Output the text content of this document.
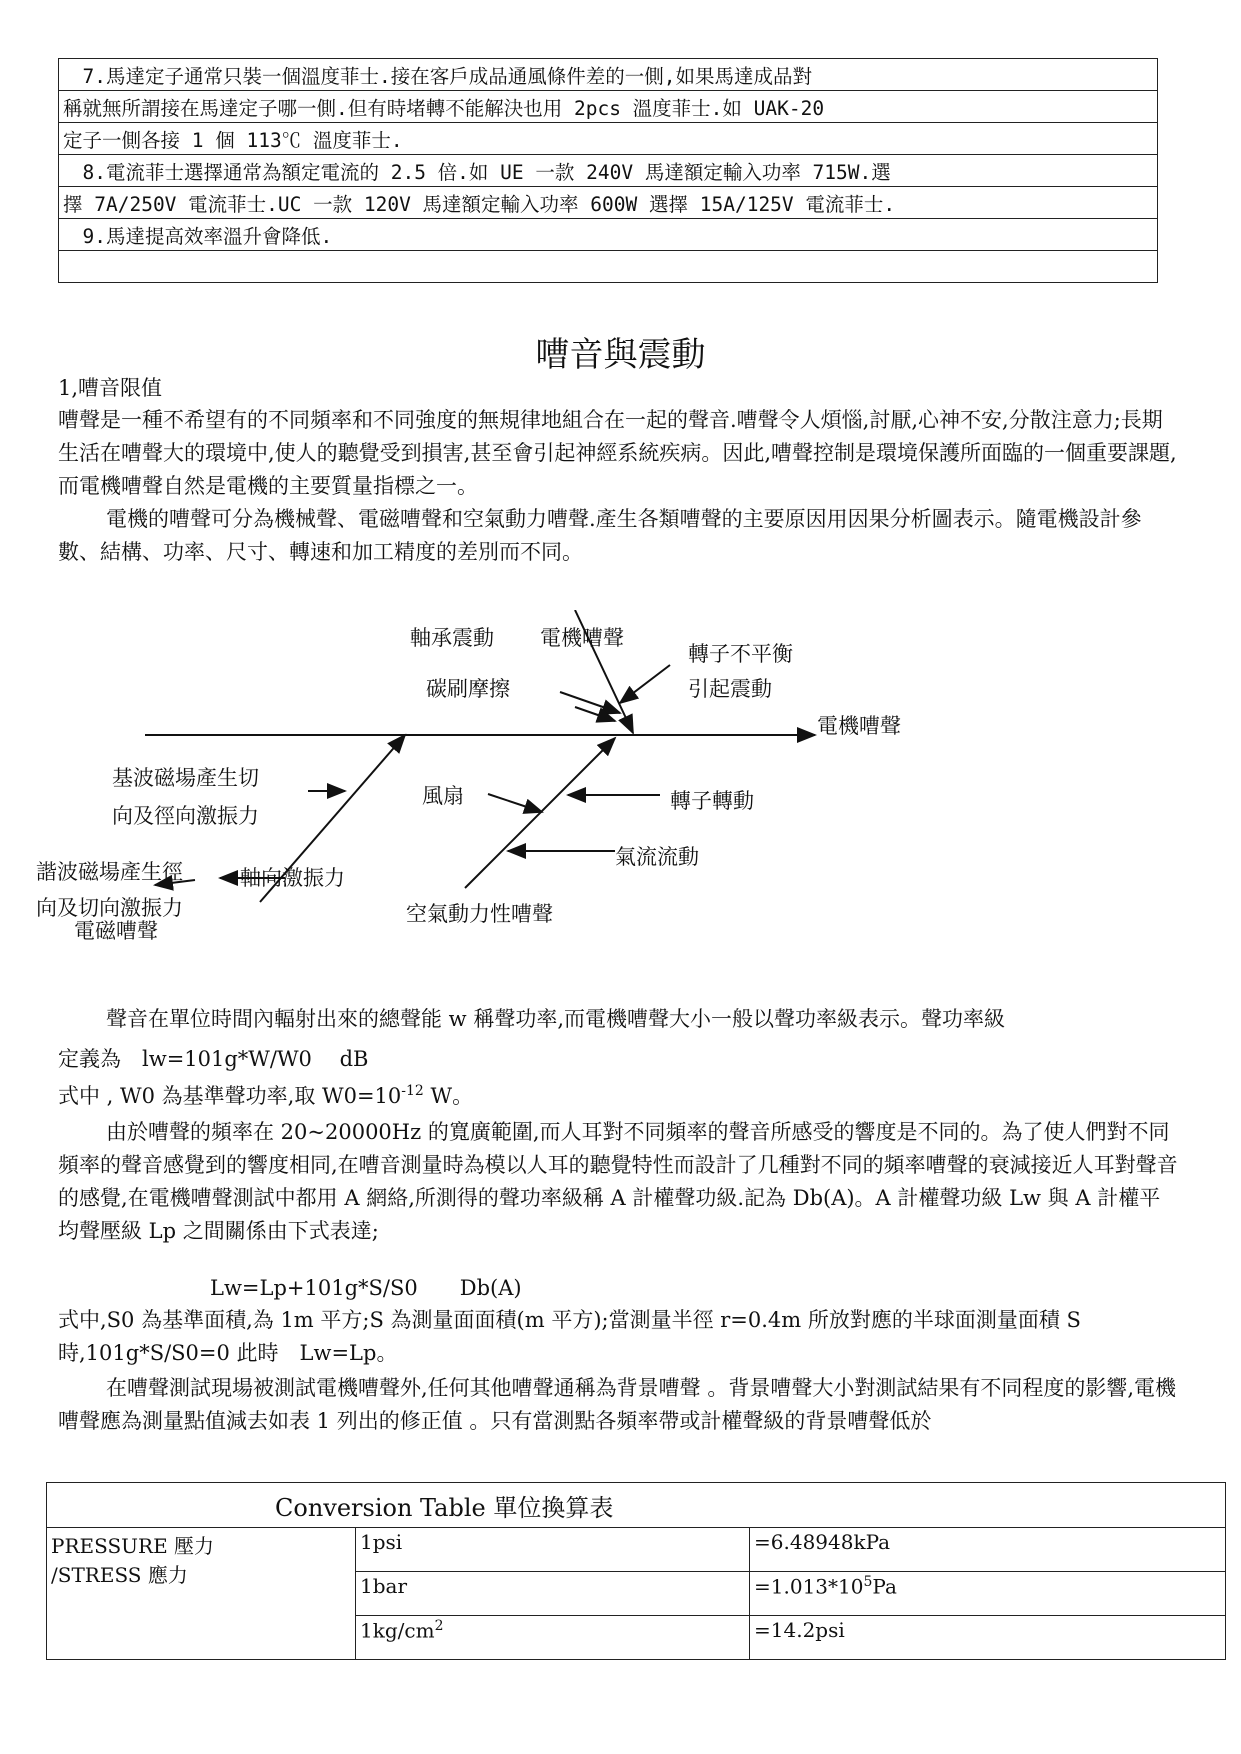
　7.馬達定子通常只裝一個溫度菲士.接在客戶成品通風條件差的一側,如果馬達成品對
稱就無所謂接在馬達定子哪一側.但有時堵轉不能解決也用 2pcs 溫度菲士.如 UAK-20
定子一側各接 1 個 113℃ 溫度菲士.
　8.電流菲士選擇通常為額定電流的 2.5 倍.如 UE 一款 240V 馬達額定輸入功率 715W.選
擇 7A/250V 電流菲士.UC 一款 120V 馬達額定輸入功率 600W 選擇 15A/125V 電流菲士.
　9.馬達提高效率溫升會降低.

嘈音與震動
1,嘈音限值

嘈聲是一種不希望有的不同頻率和不同強度的無規律地組合在一起的聲音.嘈聲令人煩惱,討厭,心神不安,分散注意力;長期生活在嘈聲大的環境中,使人的聽覺受到損害,甚至會引起神經系統疾病。因此,嘈聲控制是環境保護所面臨的一個重要課題,而電機嘈聲自然是電機的主要質量指標之一。

電機的嘈聲可分為機械聲、電磁嘈聲和空氣動力嘈聲.產生各類嘈聲的主要原因用因果分析圖表示。隨電機設計參數、結構、功率、尺寸、轉速和加工精度的差別而不同。

軸承震動 電機嘈聲
轉子不平衡
引起震動
碳刷摩擦
電機嘈聲
基波磁場產生切
向及徑向激振力
風扇	轉子轉動
氣流流動
諧波磁場產生徑
向及切向激振力
軸向激振力
電磁嘈聲
空氣動力性嘈聲

聲音在單位時間內輻射出來的總聲能 w 稱聲功率,而電機嘈聲大小一般以聲功率級表示。聲功率級

定義為　lw=101g*W/W0　 dB
式中 , W0 為基準聲功率,取 $W0=10^{-12}$ W。

由於嘈聲的頻率在 20~20000Hz 的寬廣範圍,而人耳對不同頻率的聲音所感受的響度是不同的。為了使人們對不同頻率的聲音感覺到的響度相同,在嘈音測量時為模以人耳的聽覺特性而設計了几種對不同的頻率嘈聲的衰減接近人耳對聲音的感覺,在電機嘈聲測試中都用 A 網絡,所測得的聲功率級稱 A 計權聲功級.記為 Db(A)。A 計權聲功級 Lw 與 A 計權平均聲壓級 Lp 之間關係由下式表達;

Lw=Lp+101g*S/S0　　Db(A)

式中,S0 為基準面積,為 1m 平方;S 為測量面面積(m 平方);當測量半徑 r=0.4m 所放對應的半球面測量面積 S 時,101g*S/S0=0 此時　Lw=Lp。

在嘈聲測試現場被測試電機嘈聲外,任何其他嘈聲通稱為背景嘈聲 。背景嘈聲大小對測試結果有不同程度的影響,電機嘈聲應為測量點值減去如表 1 列出的修正值 。只有當測點各頻率帶或計權聲級的背景嘈聲低於

Conversion Table 單位換算表		

PRESSURE 壓力
/STRESS 應力	1psi	=6.48948kPa
	1bar	$=1.013*10^5Pa$
	$1kg/cm^2$	=14.2psi
